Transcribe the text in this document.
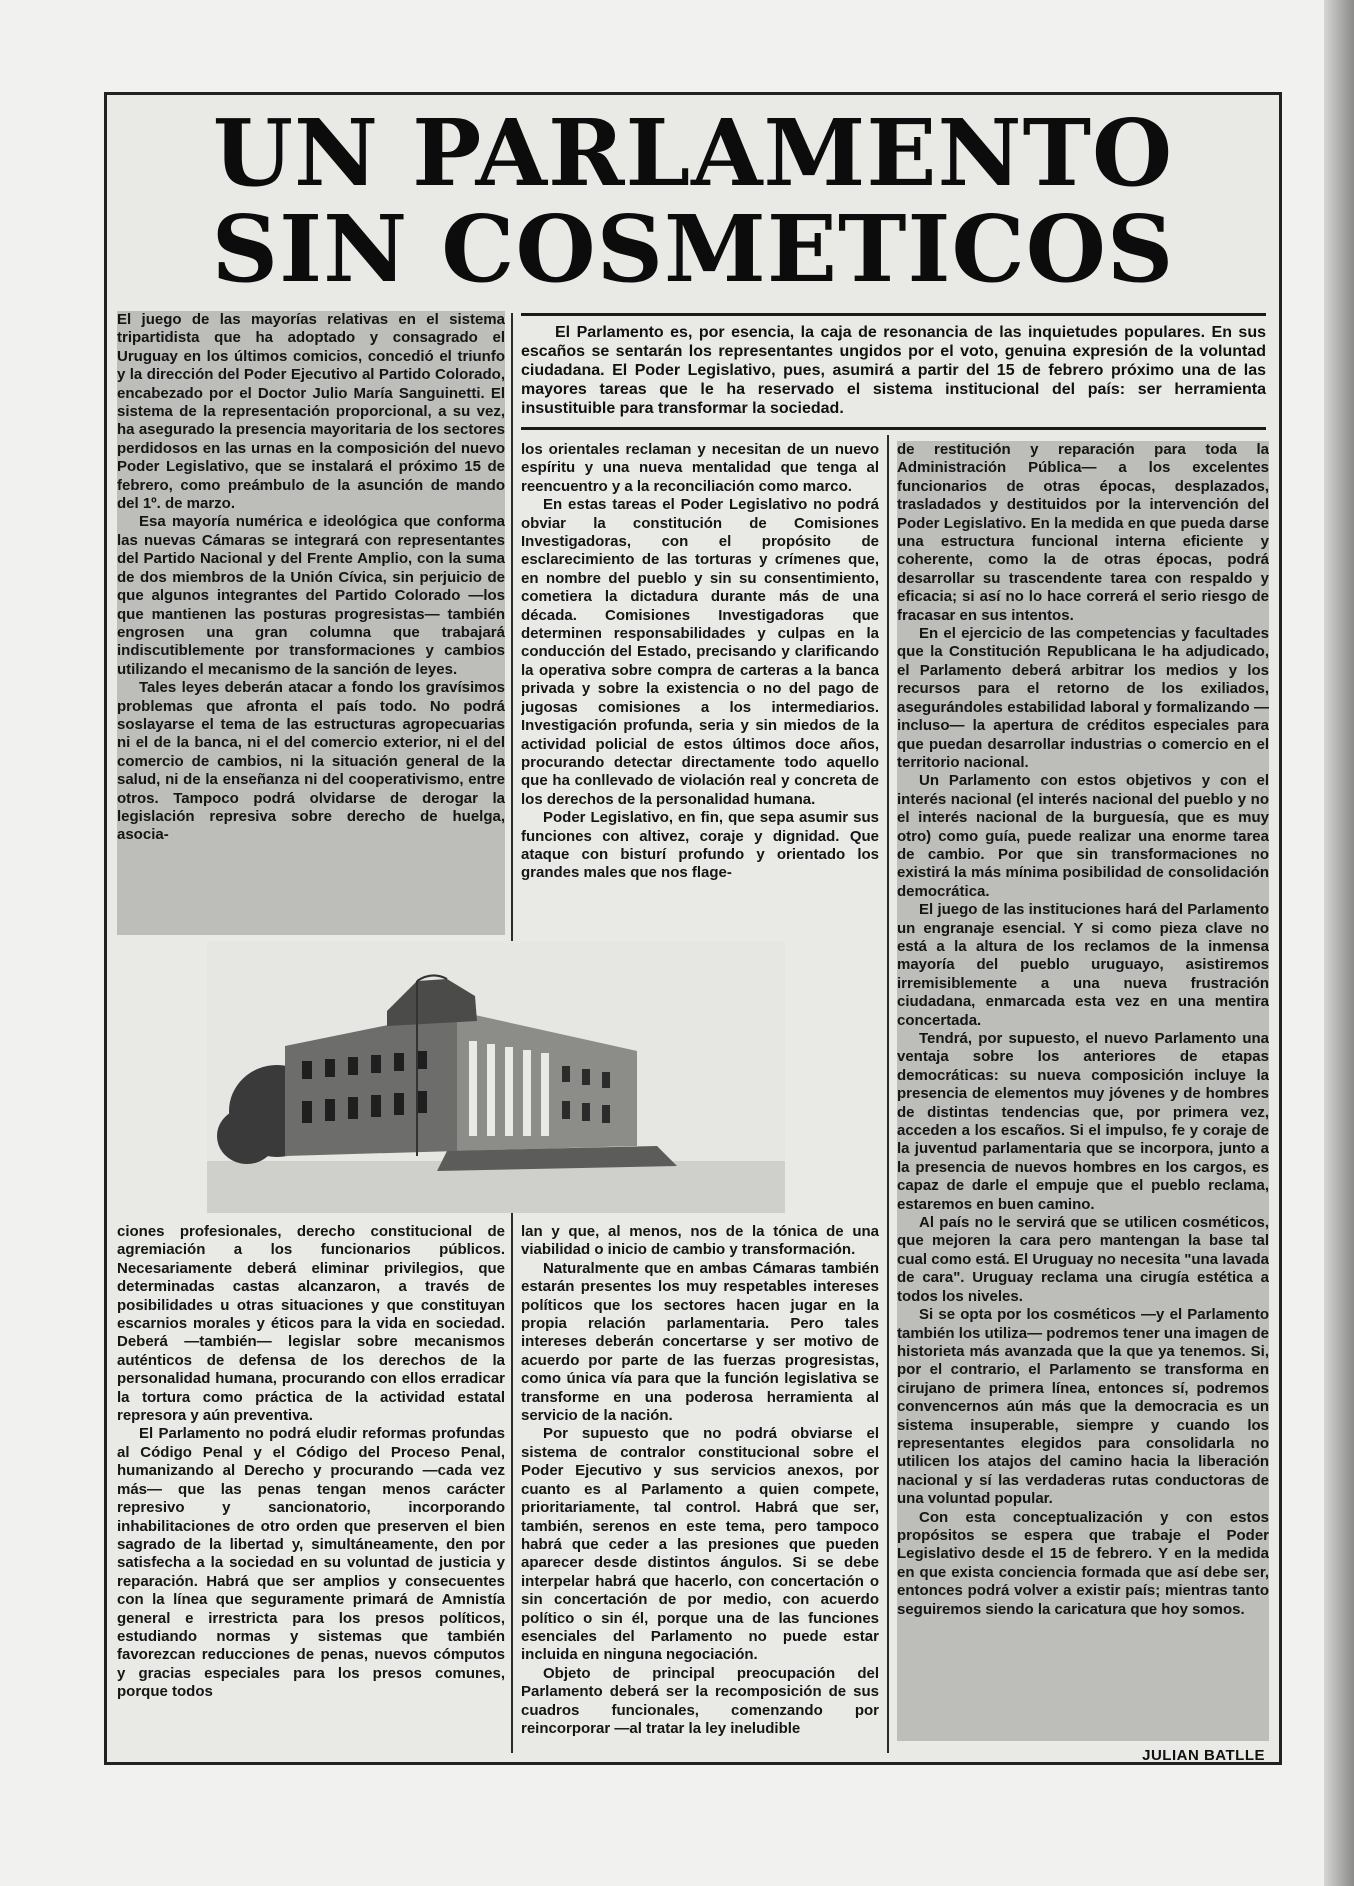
UN PARLAMENTO
SIN COSMETICOS

El Parlamento es, por esencia, la caja de resonancia de las inquietudes populares. En sus escaños se sentarán los representantes ungidos por el voto, genuina expresión de la voluntad ciudadana. El Poder Legislativo, pues, asumirá a partir del 15 de febrero próximo una de las mayores tareas que le ha reservado el sistema institucional del país: ser herramienta insustituible para transformar la sociedad.

El juego de las mayorías relativas en el sistema tripartidista que ha adoptado y consagrado el Uruguay en los últimos comicios, concedió el triunfo y la dirección del Poder Ejecutivo al Partido Colorado, encabezado por el Doctor Julio María Sanguinetti. El sistema de la representación proporcional, a su vez, ha asegurado la presencia mayoritaria de los sectores perdidosos en las urnas en la composición del nuevo Poder Legislativo, que se instalará el próximo 15 de febrero, como preámbulo de la asunción de mando del 1º. de marzo.

Esa mayoría numérica e ideológica que conforma las nuevas Cámaras se integrará con representantes del Partido Nacional y del Frente Amplio, con la suma de dos miembros de la Unión Cívica, sin perjuicio de que algunos integrantes del Partido Colorado —los que mantienen las posturas progresistas— también engrosen una gran columna que trabajará indiscutiblemente por transformaciones y cambios utilizando el mecanismo de la sanción de leyes.

Tales leyes deberán atacar a fondo los gravísimos problemas que afronta el país todo. No podrá soslayarse el tema de las estructuras agropecuarias ni el de la banca, ni el del comercio exterior, ni el del comercio de cambios, ni la situación general de la salud, ni de la enseñanza ni del cooperativismo, entre otros. Tampoco podrá olvidarse de derogar la legislación represiva sobre derecho de huelga, asocia-

los orientales reclaman y necesitan de un nuevo espíritu y una nueva mentalidad que tenga al reencuentro y a la reconciliación como marco.

En estas tareas el Poder Legislativo no podrá obviar la constitución de Comisiones Investigadoras, con el propósito de esclarecimiento de las torturas y crímenes que, en nombre del pueblo y sin su consentimiento, cometiera la dictadura durante más de una década. Comisiones Investigadoras que determinen responsabilidades y culpas en la conducción del Estado, precisando y clarificando la operativa sobre compra de carteras a la banca privada y sobre la existencia o no del pago de jugosas comisiones a los intermediarios. Investigación profunda, seria y sin miedos de la actividad policial de estos últimos doce años, procurando detectar directamente todo aquello que ha conllevado de violación real y concreta de los derechos de la personalidad humana.

Poder Legislativo, en fin, que sepa asumir sus funciones con altivez, coraje y dignidad. Que ataque con bisturí profundo y orientado los grandes males que nos flage-

de restitución y reparación para toda la Administración Pública— a los excelentes funcionarios de otras épocas, desplazados, trasladados y destituidos por la intervención del Poder Legislativo. En la medida en que pueda darse una estructura funcional interna eficiente y coherente, como la de otras épocas, podrá desarrollar su trascendente tarea con respaldo y eficacia; si así no lo hace correrá el serio riesgo de fracasar en sus intentos.

En el ejercicio de las competencias y facultades que la Constitución Republicana le ha adjudicado, el Parlamento deberá arbitrar los medios y los recursos para el retorno de los exiliados, asegurándoles estabilidad laboral y formalizando —incluso— la apertura de créditos especiales para que puedan desarrollar industrias o comercio en el territorio nacional.

Un Parlamento con estos objetivos y con el interés nacional (el interés nacional del pueblo y no el interés nacional de la burguesía, que es muy otro) como guía, puede realizar una enorme tarea de cambio. Por que sin transformaciones no existirá la más mínima posibilidad de consolidación democrática.

El juego de las instituciones hará del Parlamento un engranaje esencial. Y si como pieza clave no está a la altura de los reclamos de la inmensa mayoría del pueblo uruguayo, asistiremos irremisiblemente a una nueva frustración ciudadana, enmarcada esta vez en una mentira concertada.

Tendrá, por supuesto, el nuevo Parlamento una ventaja sobre los anteriores de etapas democráticas: su nueva composición incluye la presencia de elementos muy jóvenes y de hombres de distintas tendencias que, por primera vez, acceden a los escaños. Si el impulso, fe y coraje de la juventud parlamentaria que se incorpora, junto a la presencia de nuevos hombres en los cargos, es capaz de darle el empuje que el pueblo reclama, estaremos en buen camino.

Al país no le servirá que se utilicen cosméticos, que mejoren la cara pero mantengan la base tal cual como está. El Uruguay no necesita "una lavada de cara". Uruguay reclama una cirugía estética a todos los niveles.

Si se opta por los cosméticos —y el Parlamento también los utiliza— podremos tener una imagen de historieta más avanzada que la que ya tenemos. Si, por el contrario, el Parlamento se transforma en cirujano de primera línea, entonces sí, podremos convencernos aún más que la democracia es un sistema insuperable, siempre y cuando los representantes elegidos para consolidarla no utilicen los atajos del camino hacia la liberación nacional y sí las verdaderas rutas conductoras de una voluntad popular.

Con esta conceptualización y con estos propósitos se espera que trabaje el Poder Legislativo desde el 15 de febrero. Y en la medida en que exista conciencia formada que así debe ser, entonces podrá volver a existir país; mientras tanto seguiremos siendo la caricatura que hoy somos.

ciones profesionales, derecho constitucional de agremiación a los funcionarios públicos. Necesariamente deberá eliminar privilegios, que determinadas castas alcanzaron, a través de posibilidades u otras situaciones y que constituyan escarnios morales y éticos para la vida en sociedad. Deberá —también— legislar sobre mecanismos auténticos de defensa de los derechos de la personalidad humana, procurando con ellos erradicar la tortura como práctica de la actividad estatal represora y aún preventiva.

El Parlamento no podrá eludir reformas profundas al Código Penal y el Código del Proceso Penal, humanizando al Derecho y procurando —cada vez más— que las penas tengan menos carácter represivo y sancionatorio, incorporando inhabilitaciones de otro orden que preserven el bien sagrado de la libertad y, simultáneamente, den por satisfecha a la sociedad en su voluntad de justicia y reparación. Habrá que ser amplios y consecuentes con la línea que seguramente primará de Amnistía general e irrestricta para los presos políticos, estudiando normas y sistemas que también favorezcan reducciones de penas, nuevos cómputos y gracias especiales para los presos comunes, porque todos

lan y que, al menos, nos de la tónica de una viabilidad o inicio de cambio y transformación.

Naturalmente que en ambas Cámaras también estarán presentes los muy respetables intereses políticos que los sectores hacen jugar en la propia relación parlamentaria. Pero tales intereses deberán concertarse y ser motivo de acuerdo por parte de las fuerzas progresistas, como única vía para que la función legislativa se transforme en una poderosa herramienta al servicio de la nación.

Por supuesto que no podrá obviarse el sistema de contralor constitucional sobre el Poder Ejecutivo y sus servicios anexos, por cuanto es al Parlamento a quien compete, prioritariamente, tal control. Habrá que ser, también, serenos en este tema, pero tampoco habrá que ceder a las presiones que pueden aparecer desde distintos ángulos. Si se debe interpelar habrá que hacerlo, con concertación o sin concertación de por medio, con acuerdo político o sin él, porque una de las funciones esenciales del Parlamento no puede estar incluida en ninguna negociación.

Objeto de principal preocupación del Parlamento deberá ser la recomposición de sus cuadros funcionales, comenzando por reincorporar —al tratar la ley ineludible

JULIAN BATLLE
